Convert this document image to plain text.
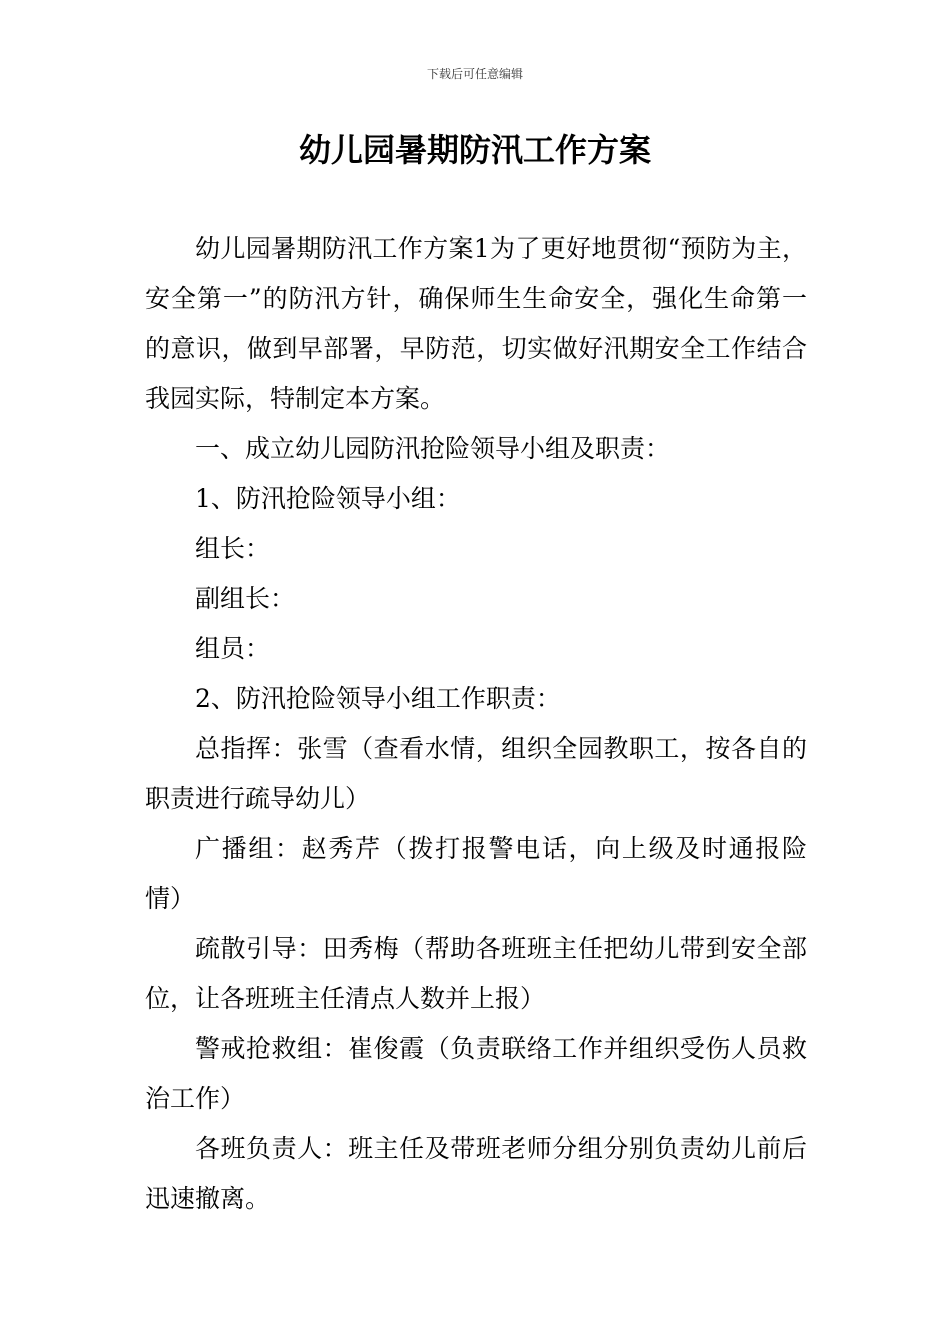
下载后可任意编辑
幼儿园暑期防汛工作方案

幼儿园暑期防汛工作方案1为了更好地贯彻“预防为主，安全第一”的防汛方针，确保师生生命安全，强化生命第一的意识，做到早部署，早防范，切实做好汛期安全工作结合我园实际，特制定本方案。

一、成立幼儿园防汛抢险领导小组及职责：

1、防汛抢险领导小组：

组长：

副组长：

组员：

2、防汛抢险领导小组工作职责：

总指挥：张雪（查看水情，组织全园教职工，按各自的职责进行疏导幼儿）

广播组：赵秀芹（拨打报警电话，向上级及时通报险情）

疏散引导：田秀梅（帮助各班班主任把幼儿带到安全部位，让各班班主任清点人数并上报）

警戒抢救组：崔俊霞（负责联络工作并组织受伤人员救治工作）

各班负责人：班主任及带班老师分组分别负责幼儿前后迅速撤离。
